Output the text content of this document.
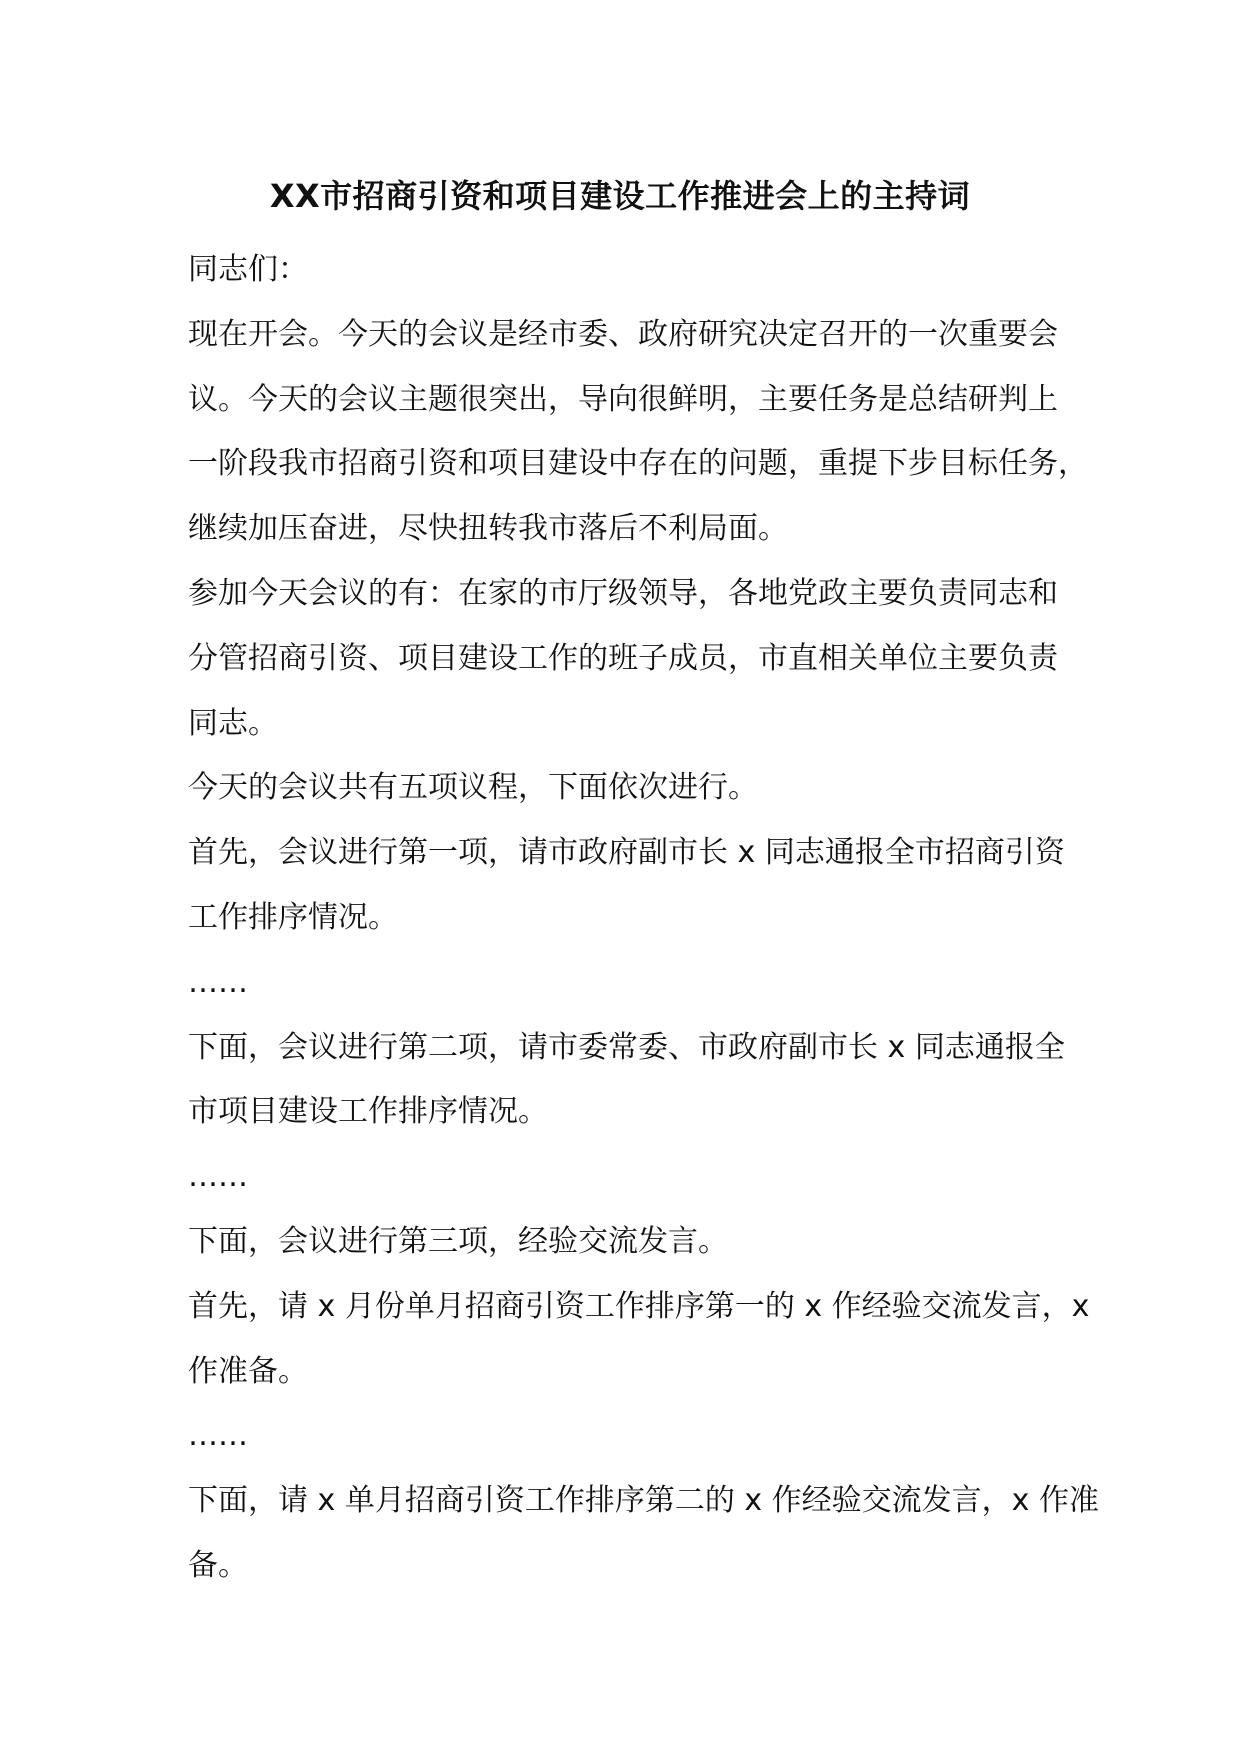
XX市招商引资和项目建设工作推进会上的主持词
同志们：
现在开会。今天的会议是经市委、政府研究决定召开的一次重要会
议。今天的会议主题很突出，导向很鲜明，主要任务是总结研判上
一阶段我市招商引资和项目建设中存在的问题，重提下步目标任务，
继续加压奋进，尽快扭转我市落后不利局面。
参加今天会议的有：在家的市厅级领导，各地党政主要负责同志和
分管招商引资、项目建设工作的班子成员，市直相关单位主要负责
同志。
今天的会议共有五项议程，下面依次进行。
首先，会议进行第一项，请市政府副市长 x 同志通报全市招商引资
工作排序情况。
……
下面，会议进行第二项，请市委常委、市政府副市长 x 同志通报全
市项目建设工作排序情况。
……
下面，会议进行第三项，经验交流发言。
首先，请 x 月份单月招商引资工作排序第一的 x 作经验交流发言，x
作准备。
……
下面，请 x 单月招商引资工作排序第二的 x 作经验交流发言，x 作准
备。
